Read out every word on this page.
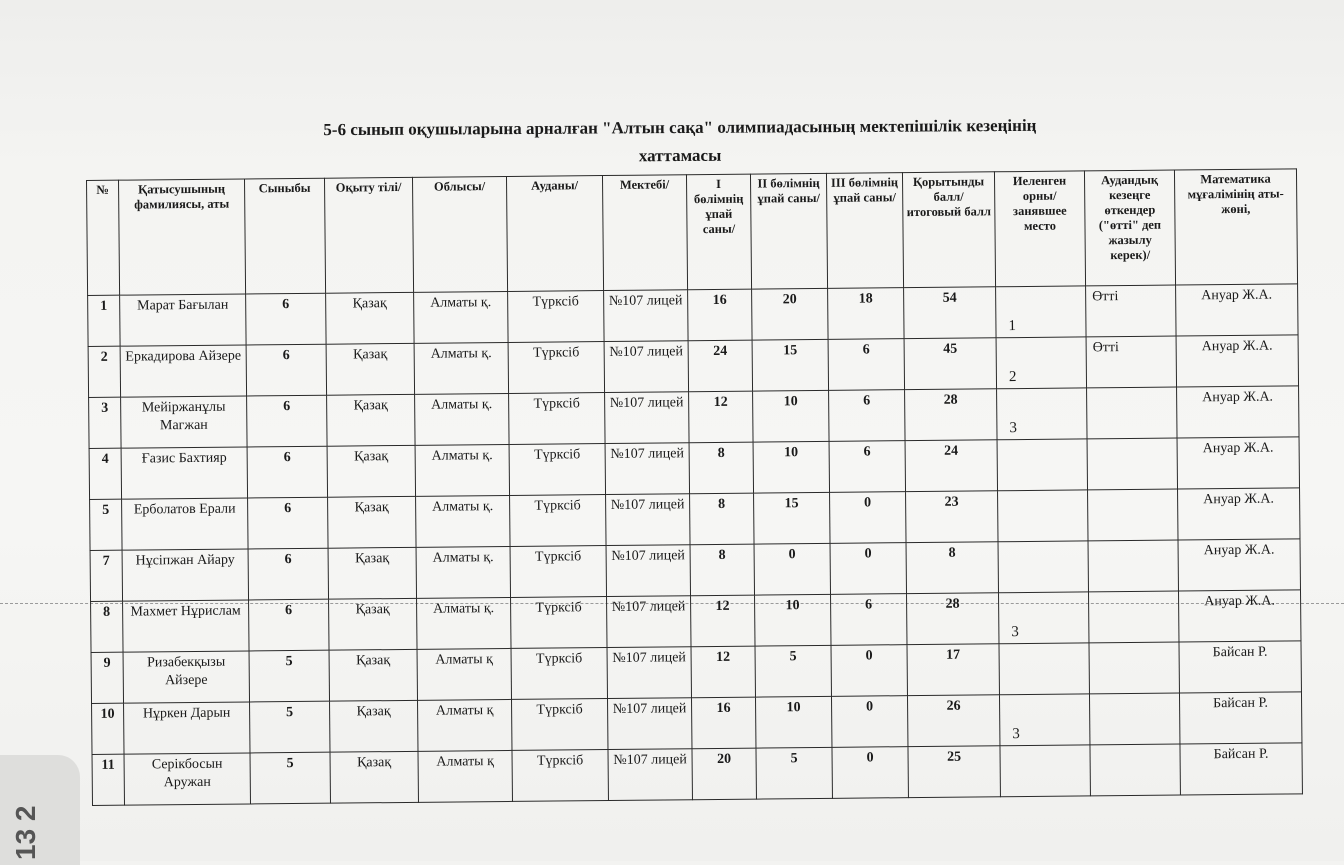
5-6 сынып оқушыларына арналған "Алтын сақа" олимпиадасының мектепішілік кезеңінің
хаттамасы
№	Қатысушының фамилиясы, аты	Сыныбы	Оқыту тілі/	Облысы/	Ауданы/	Мектебі/	I бөлімнің ұпай саны/	II бөлімнің ұпай саны/	III бөлімнің ұпай саны/	Қорытынды балл/ итоговый балл	Иеленген орны/ занявшее место	Аудандық кезеңге өткендер ("өтті" деп жазылу керек)/	Математика мұғалімінің аты-жөні,
1	Марат Бағылан	6	Қазақ	Алматы қ.	Түрксіб	№107 лицей	16	20	18	54	1	Өтті	Ануар Ж.А.
2	Еркадирова Айзере	6	Қазақ	Алматы қ.	Түрксіб	№107 лицей	24	15	6	45	2	Өтті	Ануар Ж.А.
3	Мейіржанұлы Магжан	6	Қазақ	Алматы қ.	Түрксіб	№107 лицей	12	10	6	28	3		Ануар Ж.А.
4	Ғазис Бахтияр	6	Қазақ	Алматы қ.	Түрксіб	№107 лицей	8	10	6	24			Ануар Ж.А.
5	Ерболатов Ерали	6	Қазақ	Алматы қ.	Түрксіб	№107 лицей	8	15	0	23			Ануар Ж.А.
7	Нұсіпжан Айару	6	Қазақ	Алматы қ.	Түрксіб	№107 лицей	8	0	0	8			Ануар Ж.А.
8	Махмет Нұрислам	6	Қазақ	Алматы қ.	Түрксіб	№107 лицей	12	10	6	28	3		Ануар Ж.А.
9	Ризабекқызы Айзере	5	Қазақ	Алматы қ	Түрксіб	№107 лицей	12	5	0	17			Байсан Р.
10	Нұркен Дарын	5	Қазақ	Алматы қ	Түрксіб	№107 лицей	16	10	0	26	3		Байсан Р.
11	Серікбосын Аружан	5	Қазақ	Алматы қ	Түрксіб	№107 лицей	20	5	0	25			Байсан Р.
13 2
